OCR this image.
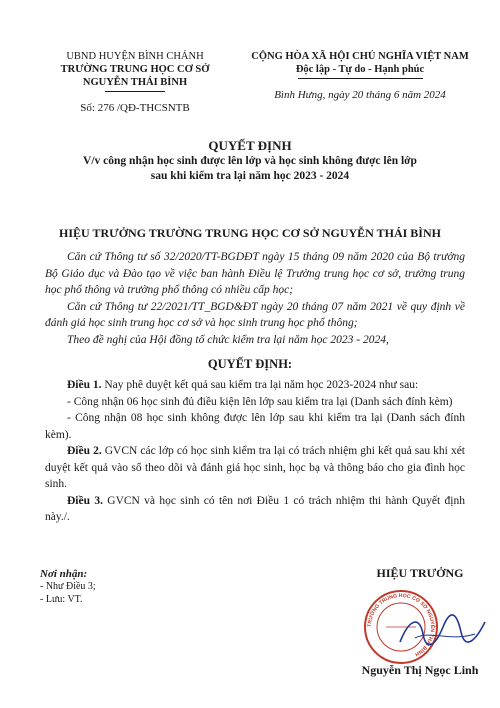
UBND HUYỆN BÌNH CHÁNH
TRƯỜNG TRUNG HỌC CƠ SỞ
NGUYỄN THÁI BÌNH
Số: 276 /QĐ-THCSNTB
CỘNG HÒA XÃ HỘI CHỦ NGHĨA VIỆT NAM
Độc lập - Tự do - Hạnh phúc
Bình Hưng, ngày 20 tháng 6 năm 2024
QUYẾT ĐỊNH
V/v công nhận học sinh được lên lớp và học sinh không được lên lớp
sau khi kiểm tra lại năm học 2023 - 2024
HIỆU TRƯỞNG TRƯỜNG TRUNG HỌC CƠ SỞ NGUYỄN THÁI BÌNH
Căn cứ Thông tư số 32/2020/TT-BGDĐT ngày 15 tháng 09 năm 2020 của Bộ trưởng Bộ Giáo dục và Đào tạo về việc ban hành Điều lệ Trường trung học cơ sở, trường trung học phổ thông và trường phổ thông có nhiều cấp học;
Căn cứ Thông tư 22/2021/TT_BGD&ĐT ngày 20 tháng 07 năm 2021 về quy định về đánh giá học sinh trung học cơ sở và học sinh trung học phổ thông;
Theo đề nghị của Hội đồng tổ chức kiểm tra lại năm học 2023 - 2024,
QUYẾT ĐỊNH:
Điều 1. Nay phê duyệt kết quả sau kiểm tra lại năm học 2023-2024 như sau:
- Công nhận 06 học sinh đủ điều kiện lên lớp sau kiểm tra lại (Danh sách đính kèm)
- Công nhận 08 học sinh không được lên lớp sau khi kiểm tra lại (Danh sách đính kèm).
Điều 2. GVCN các lớp có học sinh kiểm tra lại có trách nhiệm ghi kết quả sau khi xét duyệt kết quả vào sổ theo dõi và đánh giá học sinh, học bạ và thông báo cho gia đình học sinh.
Điều 3. GVCN và học sinh có tên nơi Điều 1 có trách nhiệm thi hành Quyết định này./.
Nơi nhận:
- Như Điều 3;
- Lưu: VT.
HIỆU TRƯỞNG
TRƯỜNG TRUNG HỌC CƠ SỞ NGUYỄN THÁI BÌNH
Nguyễn Thị Ngọc Linh
